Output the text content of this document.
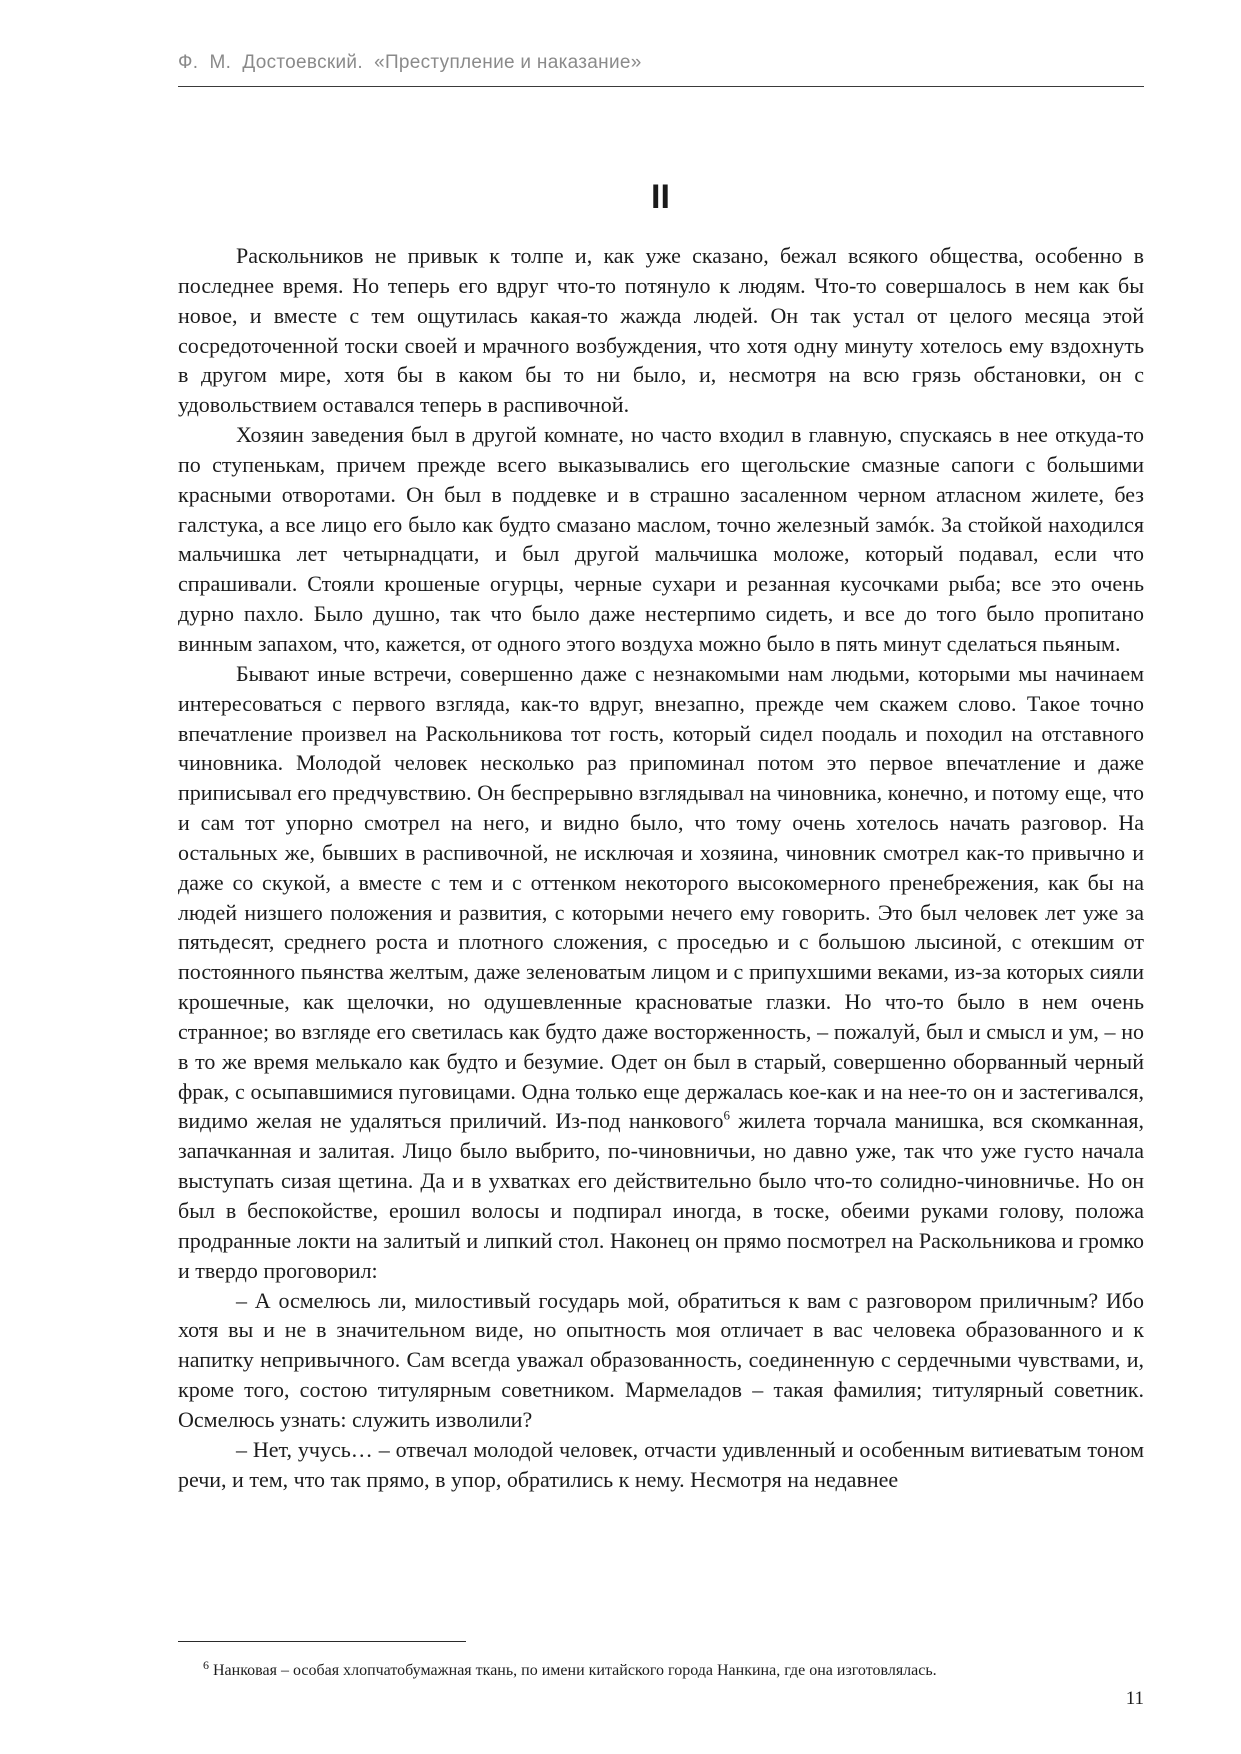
Ф.  М.  Достоевский.  «Преступление и наказание»
II

Раскольников не привык к толпе и, как уже сказано, бежал всякого общества, особенно в последнее время. Но теперь его вдруг что-то потянуло к людям. Что-то совершалось в нем как бы новое, и вместе с тем ощутилась какая-то жажда людей. Он так устал от целого месяца этой сосредоточенной тоски своей и мрачного возбуждения, что хотя одну минуту хотелось ему вздохнуть в другом мире, хотя бы в каком бы то ни было, и, несмотря на всю грязь обстановки, он с удовольствием оставался теперь в распивочной.

Хозяин заведения был в другой комнате, но часто входил в главную, спускаясь в нее откуда-то по ступенькам, причем прежде всего выказывались его щегольские смазные сапоги с большими красными отворотами. Он был в поддевке и в страшно засаленном черном атласном жилете, без галстука, а все лицо его было как будто смазано маслом, точно железный замóк. За стойкой находился мальчишка лет четырнадцати, и был другой мальчишка моложе, который подавал, если что спрашивали. Стояли крошеные огурцы, черные сухари и резанная кусочками рыба; все это очень дурно пахло. Было душно, так что было даже нестерпимо сидеть, и все до того было пропитано винным запахом, что, кажется, от одного этого воздуха можно было в пять минут сделаться пьяным.

Бывают иные встречи, совершенно даже с незнакомыми нам людьми, которыми мы начинаем интересоваться с первого взгляда, как-то вдруг, внезапно, прежде чем скажем слово. Такое точно впечатление произвел на Раскольникова тот гость, который сидел поодаль и походил на отставного чиновника. Молодой человек несколько раз припоминал потом это первое впечатление и даже приписывал его предчувствию. Он беспрерывно взглядывал на чиновника, конечно, и потому еще, что и сам тот упорно смотрел на него, и видно было, что тому очень хотелось начать разговор. На остальных же, бывших в распивочной, не исключая и хозяина, чиновник смотрел как-то привычно и даже со скукой, а вместе с тем и с оттенком некоторого высокомерного пренебрежения, как бы на людей низшего положения и развития, с которыми нечего ему говорить. Это был человек лет уже за пятьдесят, среднего роста и плотного сложения, с проседью и с большою лысиной, с отекшим от постоянного пьянства желтым, даже зеленоватым лицом и с припухшими веками, из-за которых сияли крошечные, как щелочки, но одушевленные красноватые глазки. Но что-то было в нем очень странное; во взгляде его светилась как будто даже восторженность, – пожалуй, был и смысл и ум, – но в то же время мелькало как будто и безумие. Одет он был в старый, совершенно оборванный черный фрак, с осыпавшимися пуговицами. Одна только еще держалась кое-как и на нее-то он и застегивался, видимо желая не удаляться приличий. Из-под нанкового$^6$ жилета торчала манишка, вся скомканная, запачканная и залитая. Лицо было выбрито, по-чиновничьи, но давно уже, так что уже густо начала выступать сизая щетина. Да и в ухватках его действительно было что-то солидно-чиновничье. Но он был в беспокойстве, ерошил волосы и подпирал иногда, в тоске, обеими руками голову, положа продранные локти на залитый и липкий стол. Наконец он прямо посмотрел на Раскольникова и громко и твердо проговорил:

– А осмелюсь ли, милостивый государь мой, обратиться к вам с разговором приличным? Ибо хотя вы и не в значительном виде, но опытность моя отличает в вас человека образованного и к напитку непривычного. Сам всегда уважал образованность, соединенную с сердечными чувствами, и, кроме того, состою титулярным советником. Мармеладов – такая фамилия; титулярный советник. Осмелюсь узнать: служить изволили?

– Нет, учусь… – отвечал молодой человек, отчасти удивленный и особенным витиеватым тоном речи, и тем, что так прямо, в упор, обратились к нему. Несмотря на недавнее

$^6$ Нанковая – особая хлопчатобумажная ткань, по имени китайского города Нанкина, где она изготовлялась.
11
